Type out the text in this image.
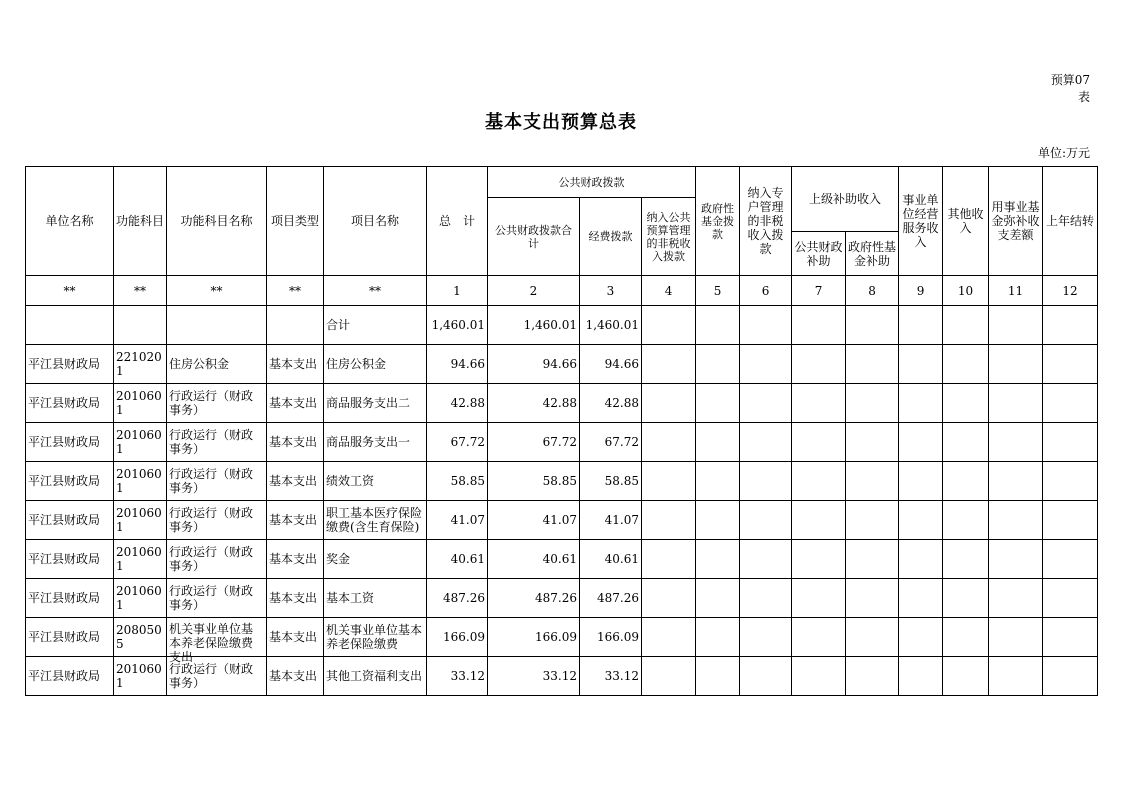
预算07
表
基本支出预算总表
单位:万元
单位名称	功能科目	功能科目名称	项目类型	项目名称	总　计	公共财政拨款			政府性基金拨款	纳入专户管理的非税收入拨款	上级补助收入		事业单位经营服务收入	其他收入	用事业基金弥补收支差额	上年结转
						公共财政拨款合计	经费拨款	纳入公共预算管理的非税收入拨款								
											公共财政补助	政府性基金补助				
**	**	**	**	**	1	2	3	4	5	6	7	8	9	10	11	12
				合计	1,460.01	1,460.01	1,460.01									

平江县财政局	2210201	住房公积金	基本支出	住房公积金	94.66	94.66	94.66									

平江县财政局	2010601	行政运行（财政事务）	基本支出	商品服务支出二	42.88	42.88	42.88									

平江县财政局	2010601	行政运行（财政事务）	基本支出	商品服务支出一	67.72	67.72	67.72									

平江县财政局	2010601	行政运行（财政事务）	基本支出	绩效工资	58.85	58.85	58.85									

平江县财政局	2010601	行政运行（财政事务）	基本支出	职工基本医疗保险缴费(含生育保险)	41.07	41.07	41.07									

平江县财政局	2010601	行政运行（财政事务）	基本支出	奖金	40.61	40.61	40.61									

平江县财政局	2010601	行政运行（财政事务）	基本支出	基本工资	487.26	487.26	487.26									

平江县财政局	2080505	机关事业单位基本养老保险缴费支出	基本支出	机关事业单位基本养老保险缴费	166.09	166.09	166.09									

平江县财政局	2010601	行政运行（财政事务）	基本支出	其他工资福利支出	33.12	33.12	33.12									
